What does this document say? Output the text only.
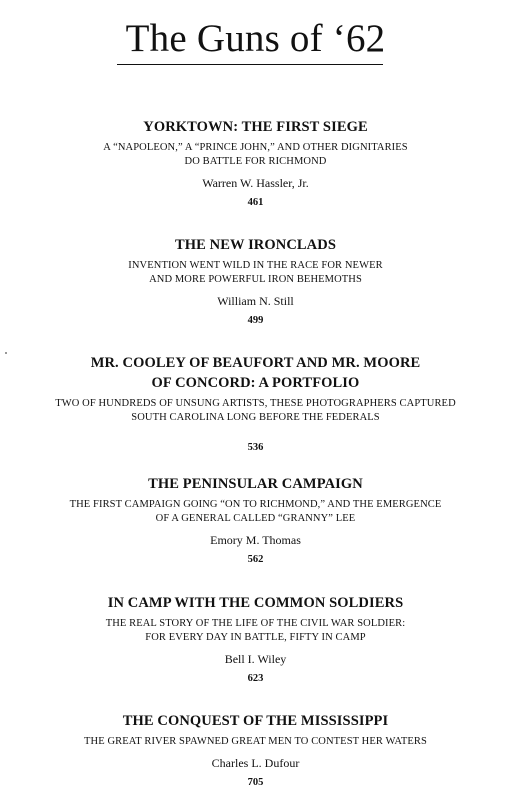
The Guns of ‘62
YORKTOWN: THE FIRST SIEGE
A “NAPOLEON,” A “PRINCE JOHN,” AND OTHER DIGNITARIES
DO BATTLE FOR RICHMOND
Warren W. Hassler, Jr.
461
THE NEW IRONCLADS
INVENTION WENT WILD IN THE RACE FOR NEWER
AND MORE POWERFUL IRON BEHEMOTHS
William N. Still
499
MR. COOLEY OF BEAUFORT AND MR. MOORE
OF CONCORD: A PORTFOLIO
TWO OF HUNDREDS OF UNSUNG ARTISTS, THESE PHOTOGRAPHERS CAPTURED
SOUTH CAROLINA LONG BEFORE THE FEDERALS
536
THE PENINSULAR CAMPAIGN
THE FIRST CAMPAIGN GOING “ON TO RICHMOND,” AND THE EMERGENCE
OF A GENERAL CALLED “GRANNY” LEE
Emory M. Thomas
562
IN CAMP WITH THE COMMON SOLDIERS
THE REAL STORY OF THE LIFE OF THE CIVIL WAR SOLDIER:
FOR EVERY DAY IN BATTLE, FIFTY IN CAMP
Bell I. Wiley
623
THE CONQUEST OF THE MISSISSIPPI
THE GREAT RIVER SPAWNED GREAT MEN TO CONTEST HER WATERS
Charles L. Dufour
705
